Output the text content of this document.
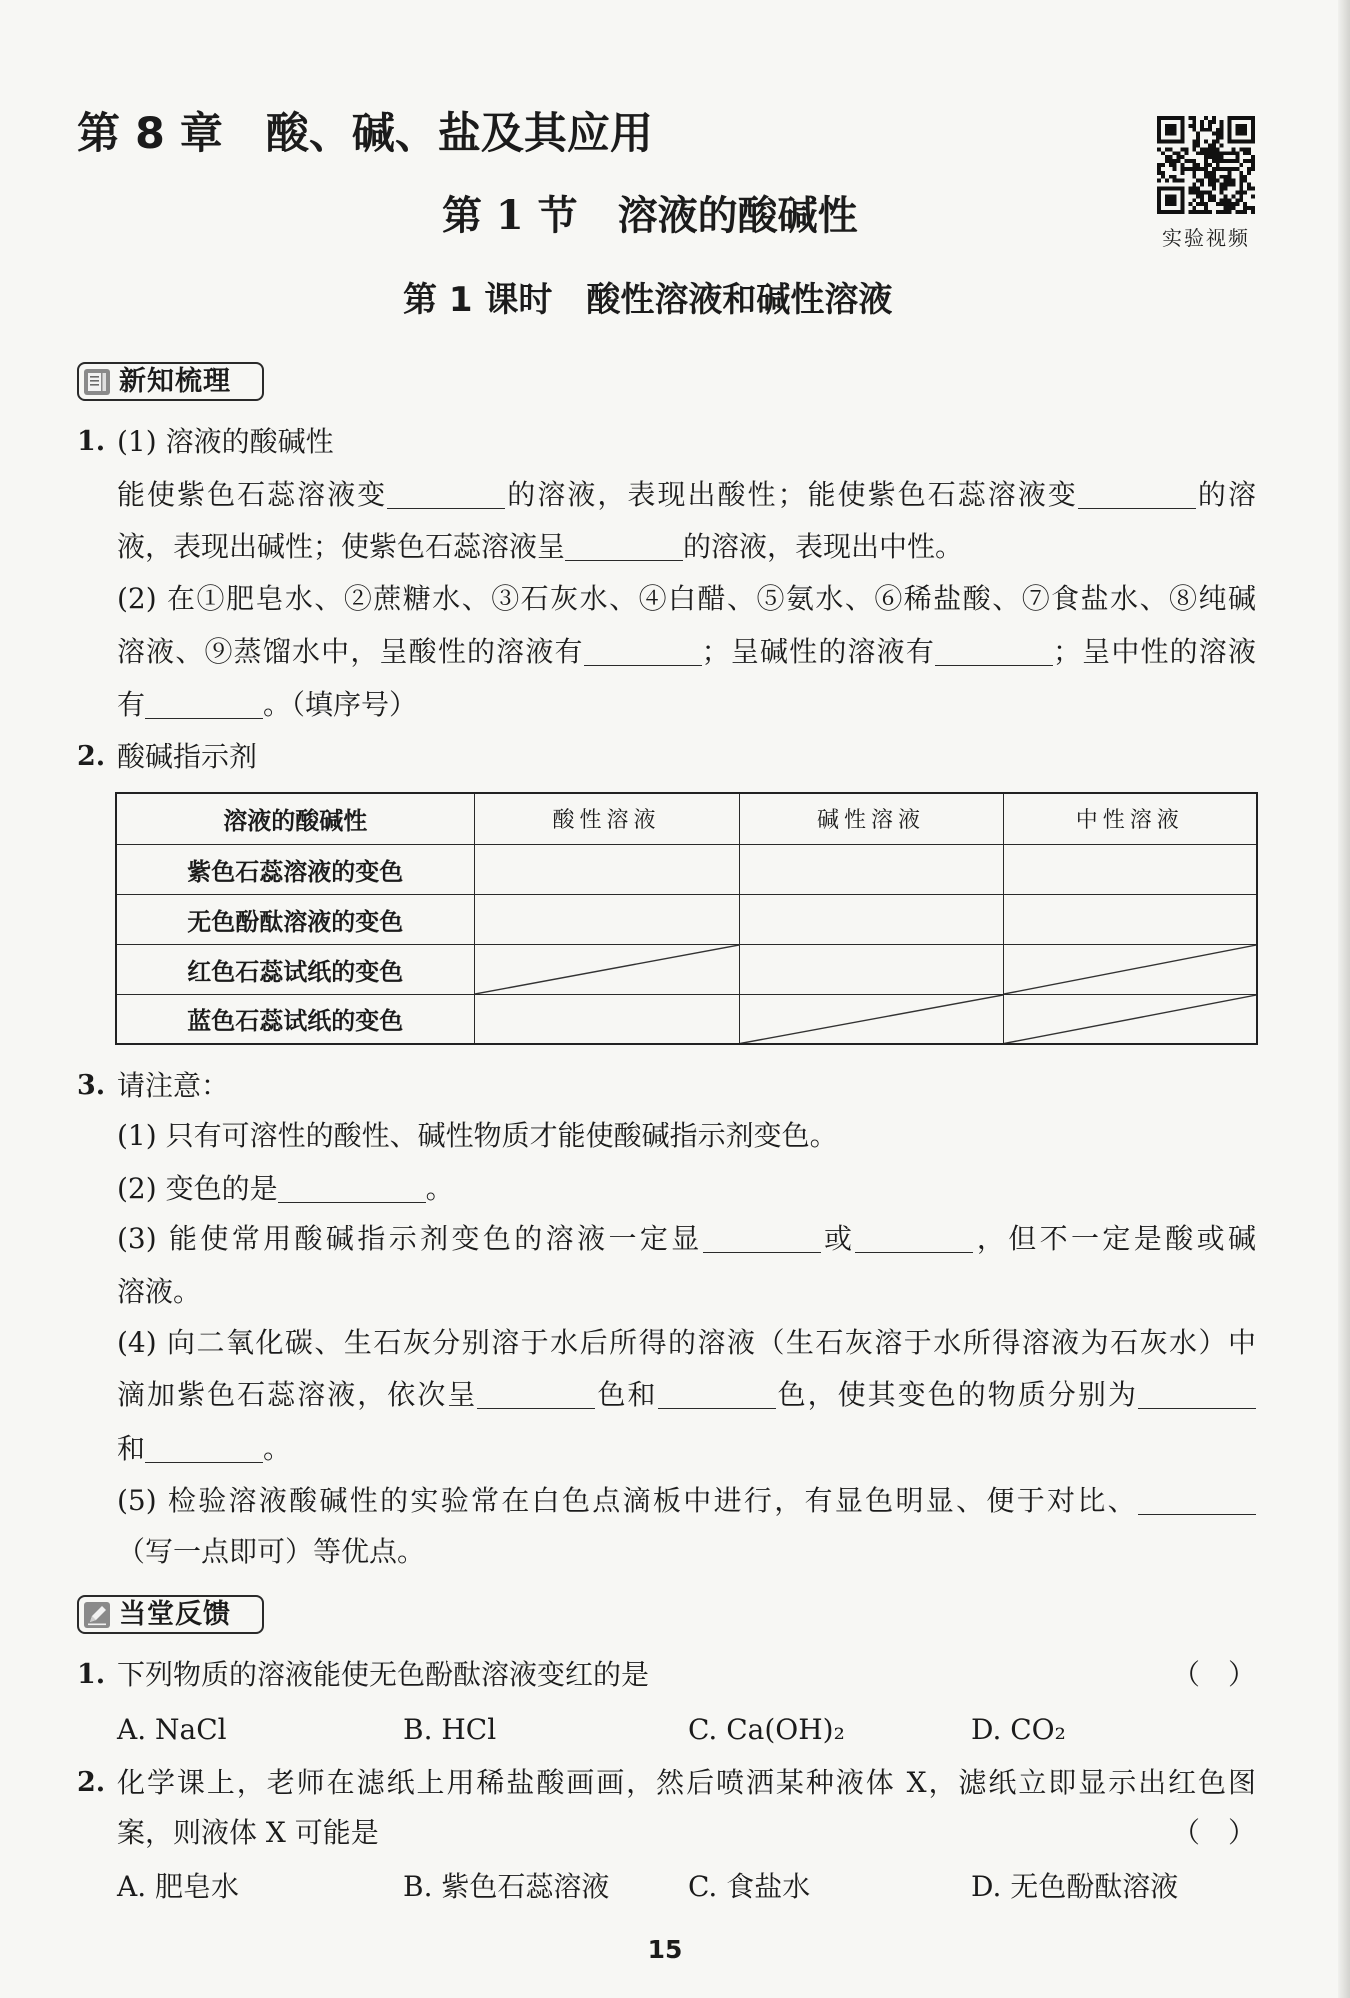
第 8 章　酸、碱、盐及其应用
实验视频
第 1 节　溶液的酸碱性
第 1 课时　酸性溶液和碱性溶液
新知梳理
1. (1) 溶液的酸碱性
能使紫色石蕊溶液变	的溶液，表现出酸性；能使紫色石蕊溶液变	的溶
液，表现出碱性；使紫色石蕊溶液呈	的溶液，表现出中性。
(2) 在①肥皂水、②蔗糖水、③石灰水、④白醋、⑤氨水、⑥稀盐酸、⑦食盐水、⑧纯碱
溶液、⑨蒸馏水中，呈酸性的溶液有	；呈碱性的溶液有	；呈中性的溶液
有	。（填序号）
2. 酸碱指示剂
溶液的酸碱性	酸性溶液	碱性溶液	中性溶液
紫色石蕊溶液的变色			
无色酚酞溶液的变色			
红色石蕊试纸的变色	

蓝色石蕊试纸的变色		

3. 请注意：
(1) 只有可溶性的酸性、碱性物质才能使酸碱指示剂变色。
(2) 变色的是	。
(3) 能使常用酸碱指示剂变色的溶液一定显	或	，但不一定是酸或碱
溶液。
(4) 向二氧化碳、生石灰分别溶于水后所得的溶液（生石灰溶于水所得溶液为石灰水）中
滴加紫色石蕊溶液，依次呈	色和	色，使其变色的物质分别为
和	。
(5) 检验溶液酸碱性的实验常在白色点滴板中进行，有显色明显、便于对比、
（写一点即可）等优点。
当堂反馈
1. 下列物质的溶液能使无色酚酞溶液变红的是	（　）
A. NaCl	B. HCl	C. Ca(OH)₂	D. CO₂
2. 化学课上，老师在滤纸上用稀盐酸画画，然后喷洒某种液体 X，滤纸立即显示出红色图
案，则液体 X 可能是	（　）
A. 肥皂水	B. 紫色石蕊溶液	C. 食盐水	D. 无色酚酞溶液
15
